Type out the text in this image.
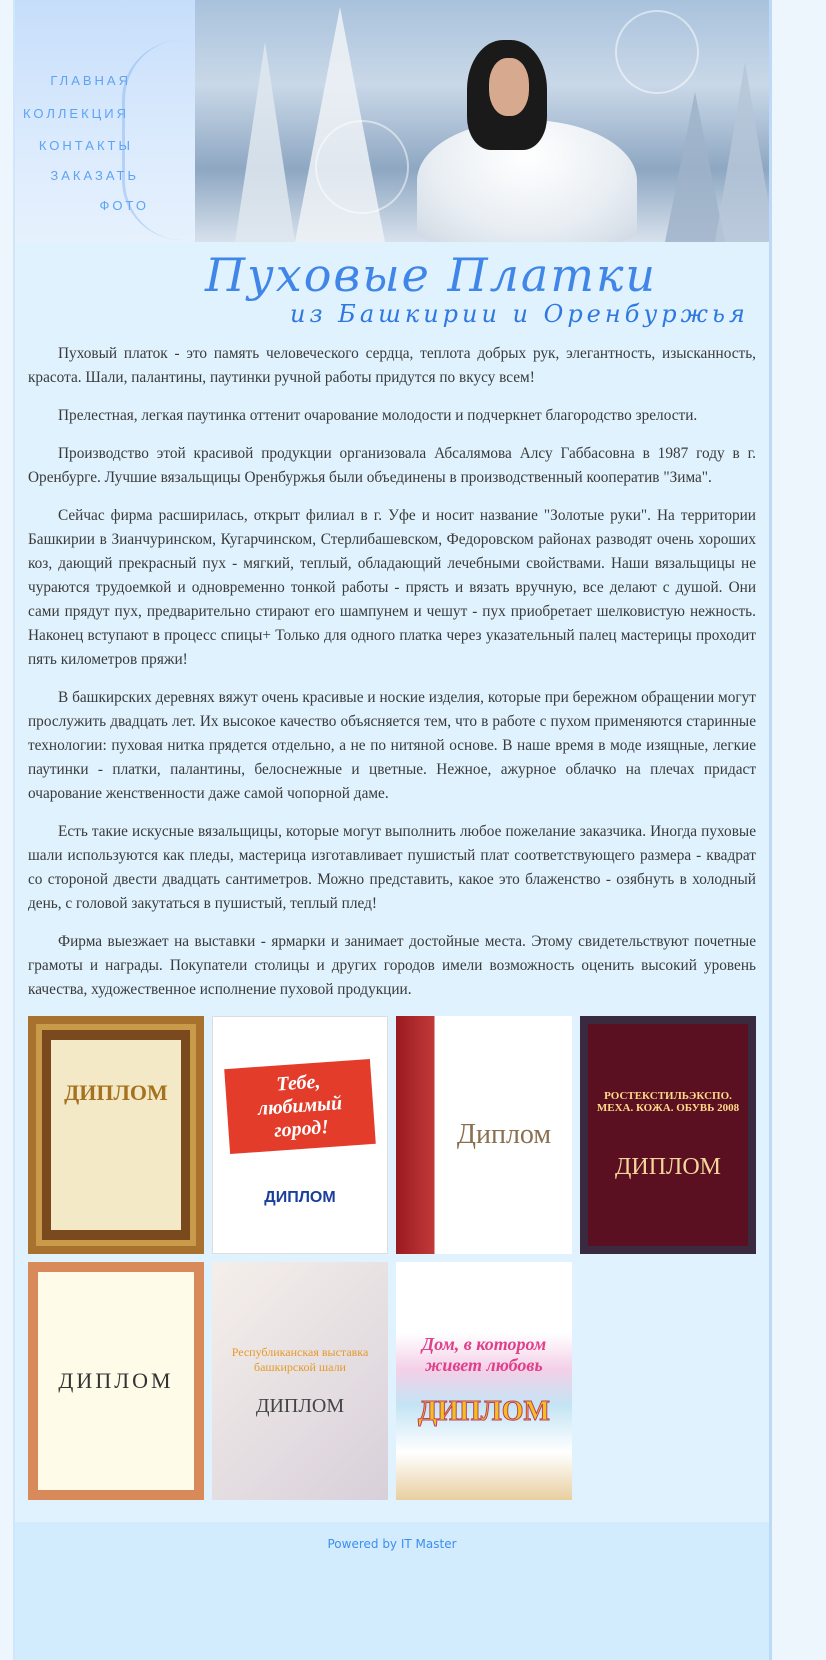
ГЛАВНАЯ
КОЛЛЕКЦИЯ
КОНТАКТЫ
ЗАКАЗАТЬ
ФОТО
Пуховые Платки
из Башкирии и Оренбуржья

Пуховый платок - это память человеческого сердца, теплота добрых рук, элегантность, изысканность, красота. Шали, палантины, паутинки ручной работы придутся по вкусу всем!

Прелестная, легкая паутинка оттенит очарование молодости и подчеркнет благородство зрелости.

Производство этой красивой продукции организовала Абсалямова Алсу Габбасовна в 1987 году в г. Оренбурге. Лучшие вязальщицы Оренбуржья были объединены в производственный кооператив "Зима".

Сейчас фирма расширилась, открыт филиал в г. Уфе и носит название "Золотые руки". На территории Башкирии в Зианчуринском, Кугарчинском, Стерлибашевском, Федоровском районах разводят очень хороших коз, дающий прекрасный пух - мягкий, теплый, обладающий лечебными свойствами. Наши вязальщицы не чураются трудоемкой и одновременно тонкой работы - прясть и вязать вручную, все делают с душой. Они сами прядут пух, предварительно стирают его шампунем и чешут - пух приобретает шелковистую нежность. Наконец вступают в процесс спицы+ Только для одного платка через указательный палец мастерицы проходит пять километров пряжи!

В башкирских деревнях вяжут очень красивые и ноские изделия, которые при бережном обращении могут прослужить двадцать лет. Их высокое качество объясняется тем, что в работе с пухом применяются старинные технологии: пуховая нитка прядется отдельно, а не по нитяной основе. В наше время в моде изящные, легкие паутинки - платки, палантины, белоснежные и цветные. Нежное, ажурное облачко на плечах придаст очарование женственности даже самой чопорной даме.

Есть такие искусные вязальщицы, которые могут выполнить любое пожелание заказчика. Иногда пуховые шали используются как пледы, мастерица изготавливает пушистый плат соответствующего размера - квадрат со стороной двести двадцать сантиметров. Можно представить, какое это блаженство - озябнуть в холодный день, с головой закутаться в пушистый, теплый плед!

Фирма выезжает на выставки - ярмарки и занимает достойные места. Этому свидетельствуют почетные грамоты и награды. Покупатели столицы и других городов имели возможность оценить высокий уровень качества, художественное исполнение пуховой продукции.

ДИПЛОМ	Тебе, любимый город!
ДИПЛОМ
Диплом
РОСТЕКСТИЛЬЭКСПО. МЕХА. КОЖА. ОБУВЬ 2008
ДИПЛОМ
ДИПЛОМ
Республиканская выставка башкирской шали
ДИПЛОМ
Дом, в котором живет любовь
ДИПЛОМ
Powered by IT Master
